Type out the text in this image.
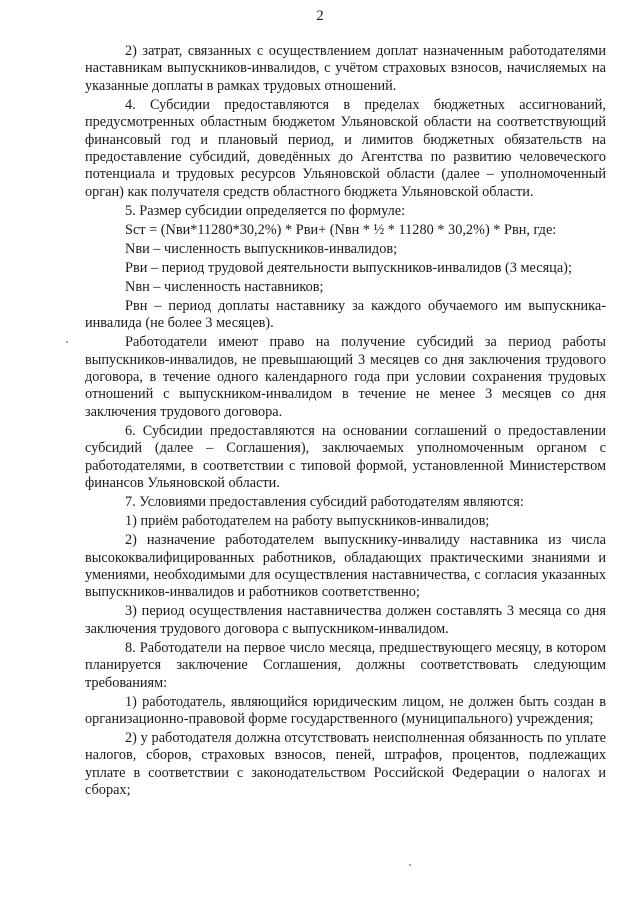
2

2) затрат, связанных с осуществлением доплат назначенным работодателями наставникам выпускников-инвалидов, с учётом страховых взносов, начисляемых на указанные доплаты в рамках трудовых отношений.

4. Субсидии предоставляются в пределах бюджетных ассигнований, предусмотренных областным бюджетом Ульяновской области на соответствующий финансовый год и плановый период, и лимитов бюджетных обязательств на предоставление субсидий, доведённых до Агентства по развитию человеческого потенциала и трудовых ресурсов Ульяновской области (далее – уполномоченный орган) как получателя средств областного бюджета Ульяновской области.

5. Размер субсидии определяется по формуле:

Sст = (Nви*11280*30,2%) * Рви+ (Nвн * ½ * 11280 * 30,2%) * Рвн, где:

Nви – численность выпускников-инвалидов;

Рви – период трудовой деятельности выпускников-инвалидов (3 месяца);

Nвн – численность наставников;

Рвн – период доплаты наставнику за каждого обучаемого им выпускника-инвалида (не более 3 месяцев).

Работодатели имеют право на получение субсидий за период работы выпускников-инвалидов, не превышающий 3 месяцев со дня заключения трудового договора, в течение одного календарного года при условии сохранения трудовых отношений с выпускником-инвалидом в течение не менее 3 месяцев со дня заключения трудового договора.

6. Субсидии предоставляются на основании соглашений о предоставлении субсидий (далее – Соглашения), заключаемых уполномоченным органом с работодателями, в соответствии с типовой формой, установленной Министерством финансов Ульяновской области.

7. Условиями предоставления субсидий работодателям являются:

1) приём работодателем на работу выпускников-инвалидов;

2) назначение работодателем выпускнику-инвалиду наставника из числа высококвалифицированных работников, обладающих практическими знаниями и умениями, необходимыми для осуществления наставничества, с согласия указанных выпускников-инвалидов и работников соответственно;

3) период осуществления наставничества должен составлять 3 месяца со дня заключения трудового договора с выпускником-инвалидом.

8. Работодатели на первое число месяца, предшествующего месяцу, в котором планируется заключение Соглашения, должны соответствовать следующим требованиям:

1) работодатель, являющийся юридическим лицом, не должен быть создан в организационно-правовой форме государственного (муниципального) учреждения;

2) у работодателя должна отсутствовать неисполненная обязанность по уплате налогов, сборов, страховых взносов, пеней, штрафов, процентов, подлежащих уплате в соответствии с законодательством Российской Федерации о налогах и сборах;
